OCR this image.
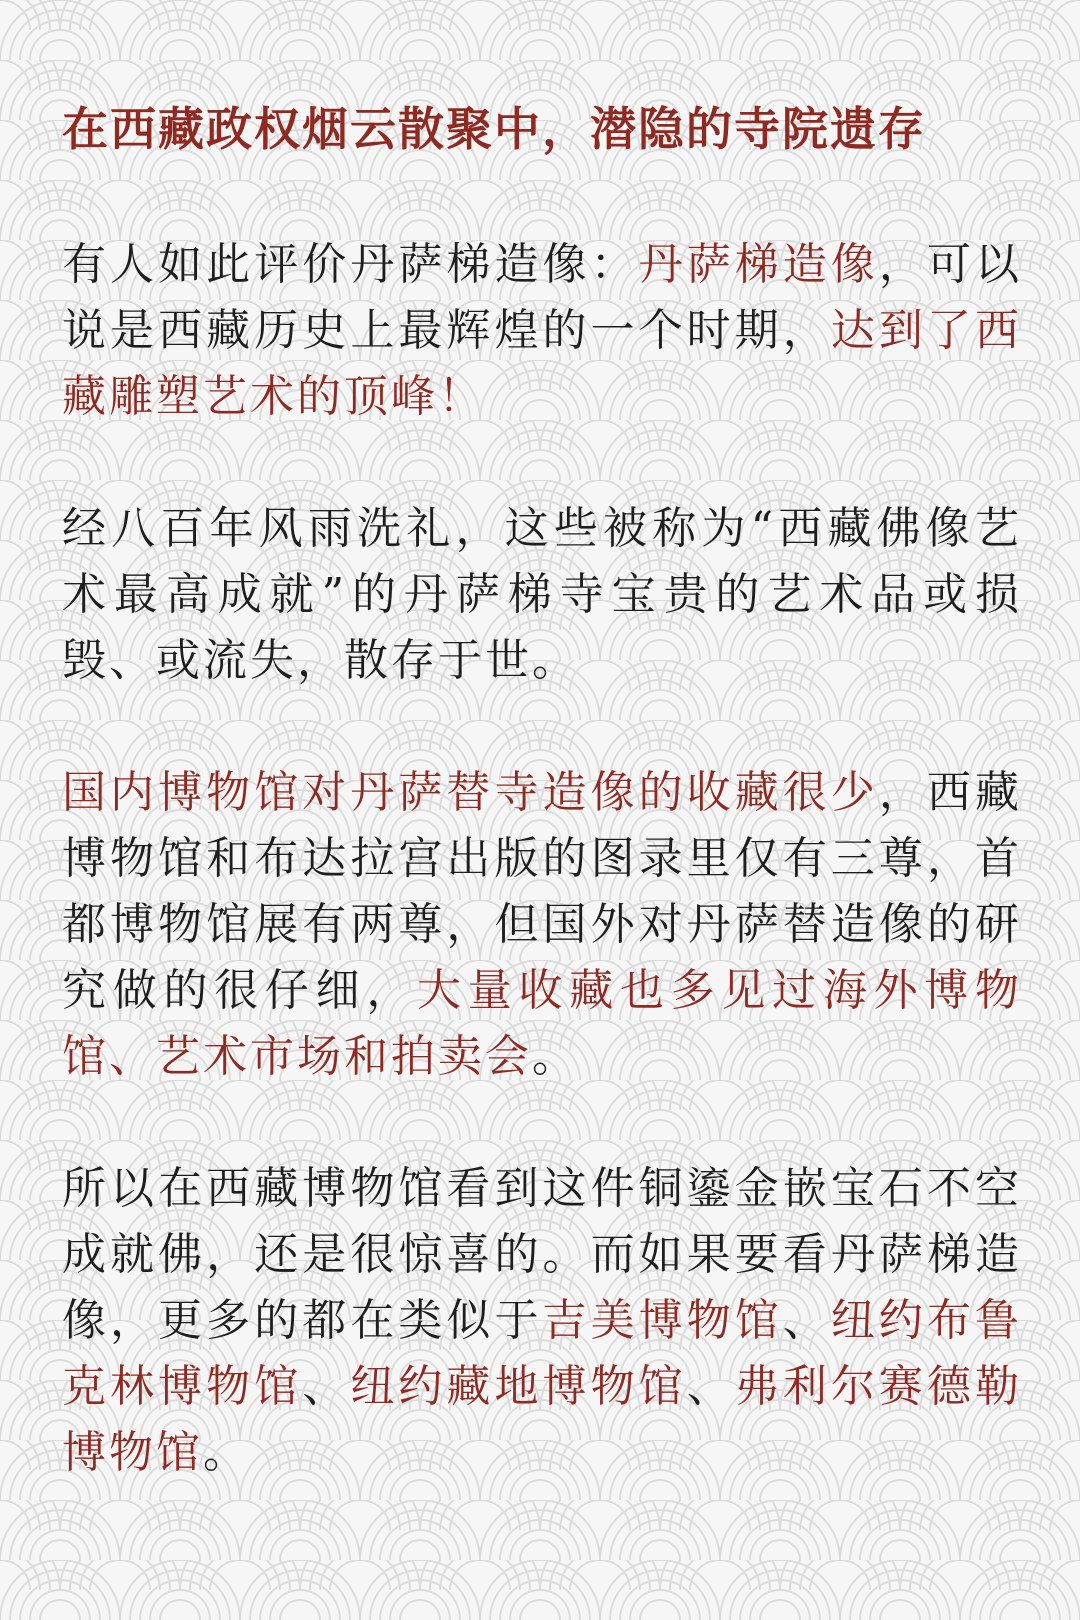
在西藏政权烟云散聚中，潜隐的寺院遗存

有人如此评价丹萨梯造像：丹萨梯造像，可以说是西藏历史上最辉煌的一个时期，达到了西藏雕塑艺术的顶峰！

经八百年风雨洗礼，这些被称为“西藏佛像艺术最高成就”的丹萨梯寺宝贵的艺术品或损毁、或流失，散存于世。

国内博物馆对丹萨替寺造像的收藏很少，西藏博物馆和布达拉宫出版的图录里仅有三尊，首都博物馆展有两尊，但国外对丹萨替造像的研究做的很仔细，大量收藏也多见过海外博物馆、艺术市场和拍卖会。

所以在西藏博物馆看到这件铜鎏金嵌宝石不空成就佛，还是很惊喜的。而如果要看丹萨梯造像，更多的都在类似于吉美博物馆、纽约布鲁克林博物馆、纽约藏地博物馆、弗利尔赛德勒博物馆。
